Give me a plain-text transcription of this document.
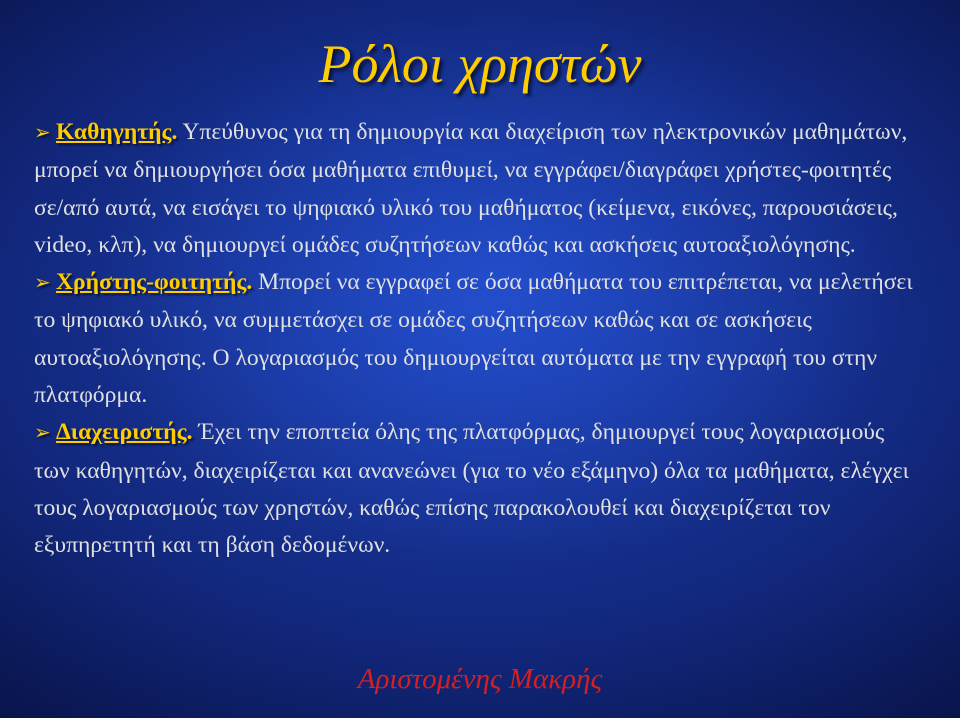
Ρόλοι χρηστών

➢ Καθηγητής. Υπεύθυνος για τη δημιουργία και διαχείριση των ηλεκτρονικών μαθημάτων, μπορεί να δημιουργήσει όσα μαθήματα επιθυμεί, να εγγράφει/διαγράφει χρήστες-φοιτητές σε/από αυτά, να εισάγει το ψηφιακό υλικό του μαθήματος (κείμενα, εικόνες, παρουσιάσεις, video, κλπ), να δημιουργεί ομάδες συζητήσεων καθώς και ασκήσεις αυτοαξιολόγησης.

➢ Χρήστης-φοιτητής. Μπορεί να εγγραφεί σε όσα μαθήματα του επιτρέπεται, να μελετήσει το ψηφιακό υλικό, να συμμετάσχει σε ομάδες συζητήσεων καθώς και σε ασκήσεις αυτοαξιολόγησης. Ο λογαριασμός του δημιουργείται αυτόματα με την εγγραφή του στην πλατφόρμα.

➢ Διαχειριστής. Έχει την εποπτεία όλης της πλατφόρμας, δημιουργεί τους λογαριασμούς των καθηγητών, διαχειρίζεται και ανανεώνει (για το νέο εξάμηνο) όλα τα μαθήματα, ελέγχει τους λογαριασμούς των χρηστών, καθώς επίσης παρακολουθεί και διαχειρίζεται τον εξυπηρετητή και τη βάση δεδομένων.

Αριστομένης Μακρής
